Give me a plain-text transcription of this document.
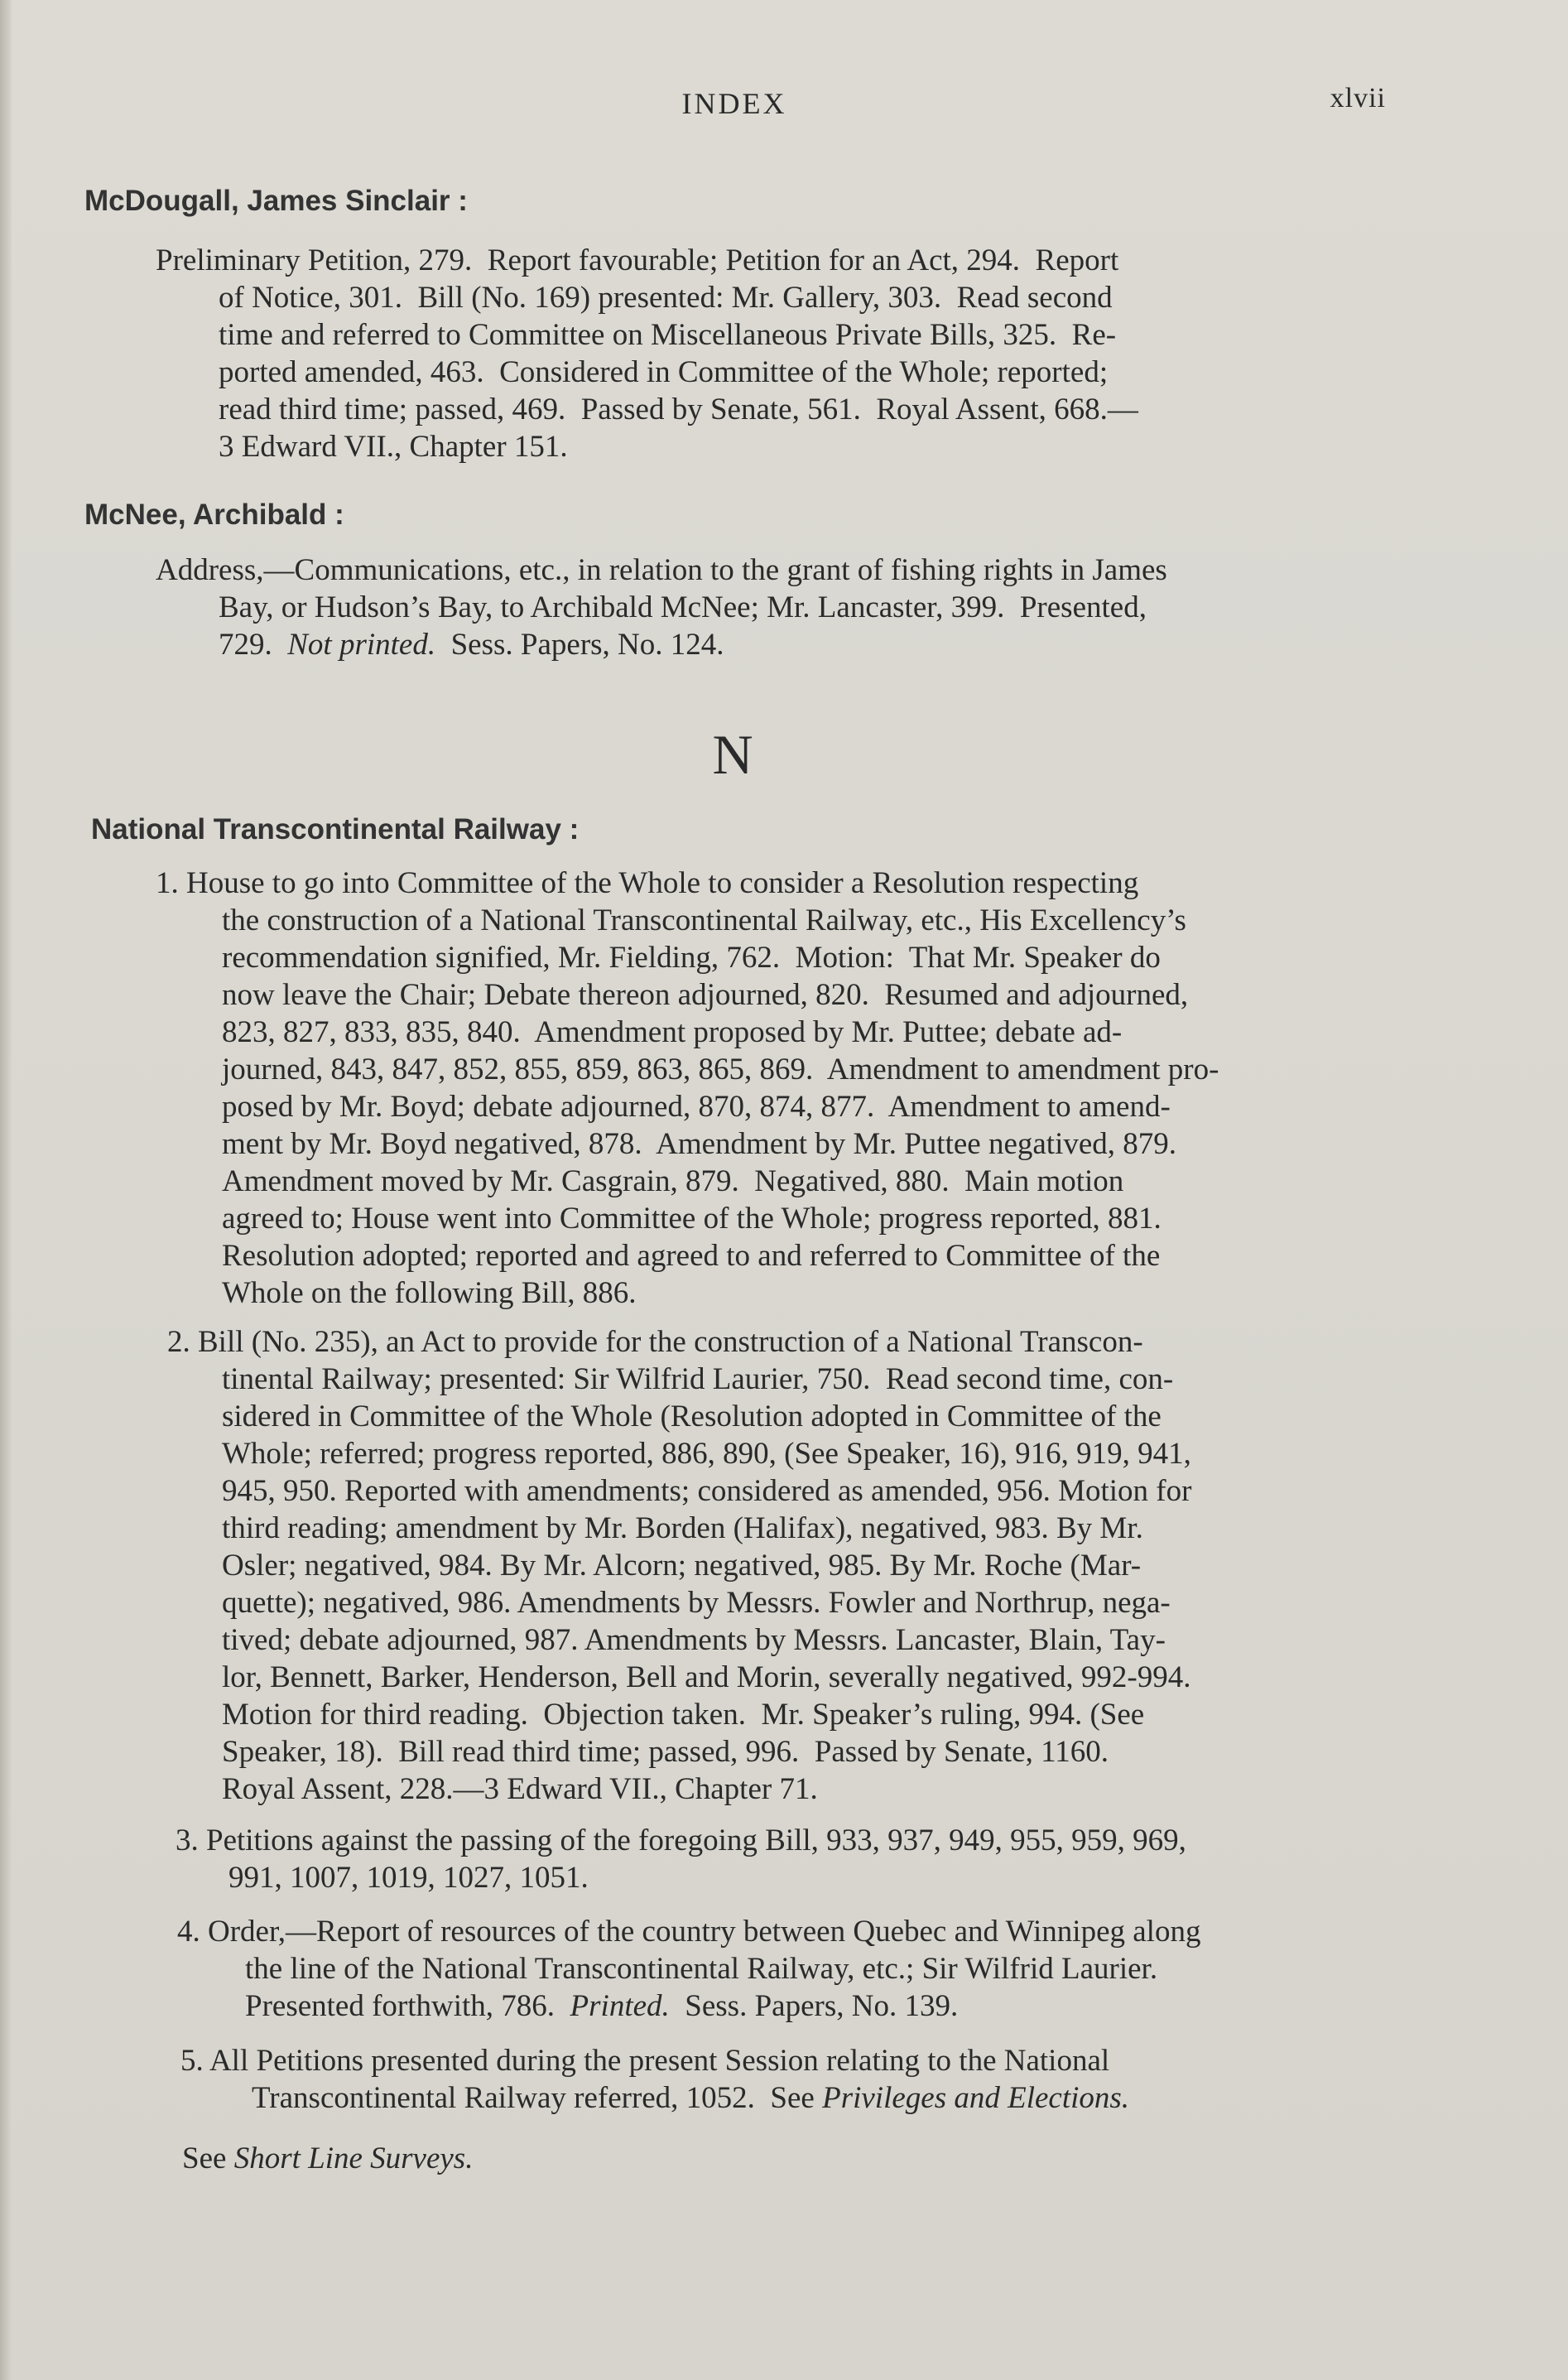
INDEX	xlvii
McDougall, James Sinclair :
Preliminary Petition, 279.  Report favourable; Petition for an Act, 294.  Report
of Notice, 301.  Bill (No. 169) presented: Mr. Gallery, 303.  Read second
time and referred to Committee on Miscellaneous Private Bills, 325.  Re-
ported amended, 463.  Considered in Committee of the Whole; reported;
read third time; passed, 469.  Passed by Senate, 561.  Royal Assent, 668.—
3 Edward VII., Chapter 151.
McNee, Archibald :
Address,—Communications, etc., in relation to the grant of fishing rights in James
Bay, or Hudson’s Bay, to Archibald McNee; Mr. Lancaster, 399.  Presented,
729.  Not printed.  Sess. Papers, No. 124.
N
National Transcontinental Railway :
1. House to go into Committee of the Whole to consider a Resolution respecting
the construction of a National Transcontinental Railway, etc., His Excellency’s
recommendation signified, Mr. Fielding, 762.  Motion:  That Mr. Speaker do
now leave the Chair; Debate thereon adjourned, 820.  Resumed and adjourned,
823, 827, 833, 835, 840.  Amendment proposed by Mr. Puttee; debate ad-
journed, 843, 847, 852, 855, 859, 863, 865, 869.  Amendment to amendment pro-
posed by Mr. Boyd; debate adjourned, 870, 874, 877.  Amendment to amend-
ment by Mr. Boyd negatived, 878.  Amendment by Mr. Puttee negatived, 879.
Amendment moved by Mr. Casgrain, 879.  Negatived, 880.  Main motion
agreed to; House went into Committee of the Whole; progress reported, 881.
Resolution adopted; reported and agreed to and referred to Committee of the
Whole on the following Bill, 886.
2. Bill (No. 235), an Act to provide for the construction of a National Transcon-
tinental Railway; presented: Sir Wilfrid Laurier, 750.  Read second time, con-
sidered in Committee of the Whole (Resolution adopted in Committee of the
Whole; referred; progress reported, 886, 890, (See Speaker, 16), 916, 919, 941,
945, 950. Reported with amendments; considered as amended, 956. Motion for
third reading; amendment by Mr. Borden (Halifax), negatived, 983. By Mr.
Osler; negatived, 984. By Mr. Alcorn; negatived, 985. By Mr. Roche (Mar-
quette); negatived, 986. Amendments by Messrs. Fowler and Northrup, nega-
tived; debate adjourned, 987. Amendments by Messrs. Lancaster, Blain, Tay-
lor, Bennett, Barker, Henderson, Bell and Morin, severally negatived, 992-994.
Motion for third reading.  Objection taken.  Mr. Speaker’s ruling, 994. (See
Speaker, 18).  Bill read third time; passed, 996.  Passed by Senate, 1160.
Royal Assent, 228.—3 Edward VII., Chapter 71.
3. Petitions against the passing of the foregoing Bill, 933, 937, 949, 955, 959, 969,
991, 1007, 1019, 1027, 1051.
4. Order,—Report of resources of the country between Quebec and Winnipeg along
the line of the National Transcontinental Railway, etc.; Sir Wilfrid Laurier.
Presented forthwith, 786.  Printed.  Sess. Papers, No. 139.
5. All Petitions presented during the present Session relating to the National
Transcontinental Railway referred, 1052.  See Privileges and Elections.
See Short Line Surveys.
